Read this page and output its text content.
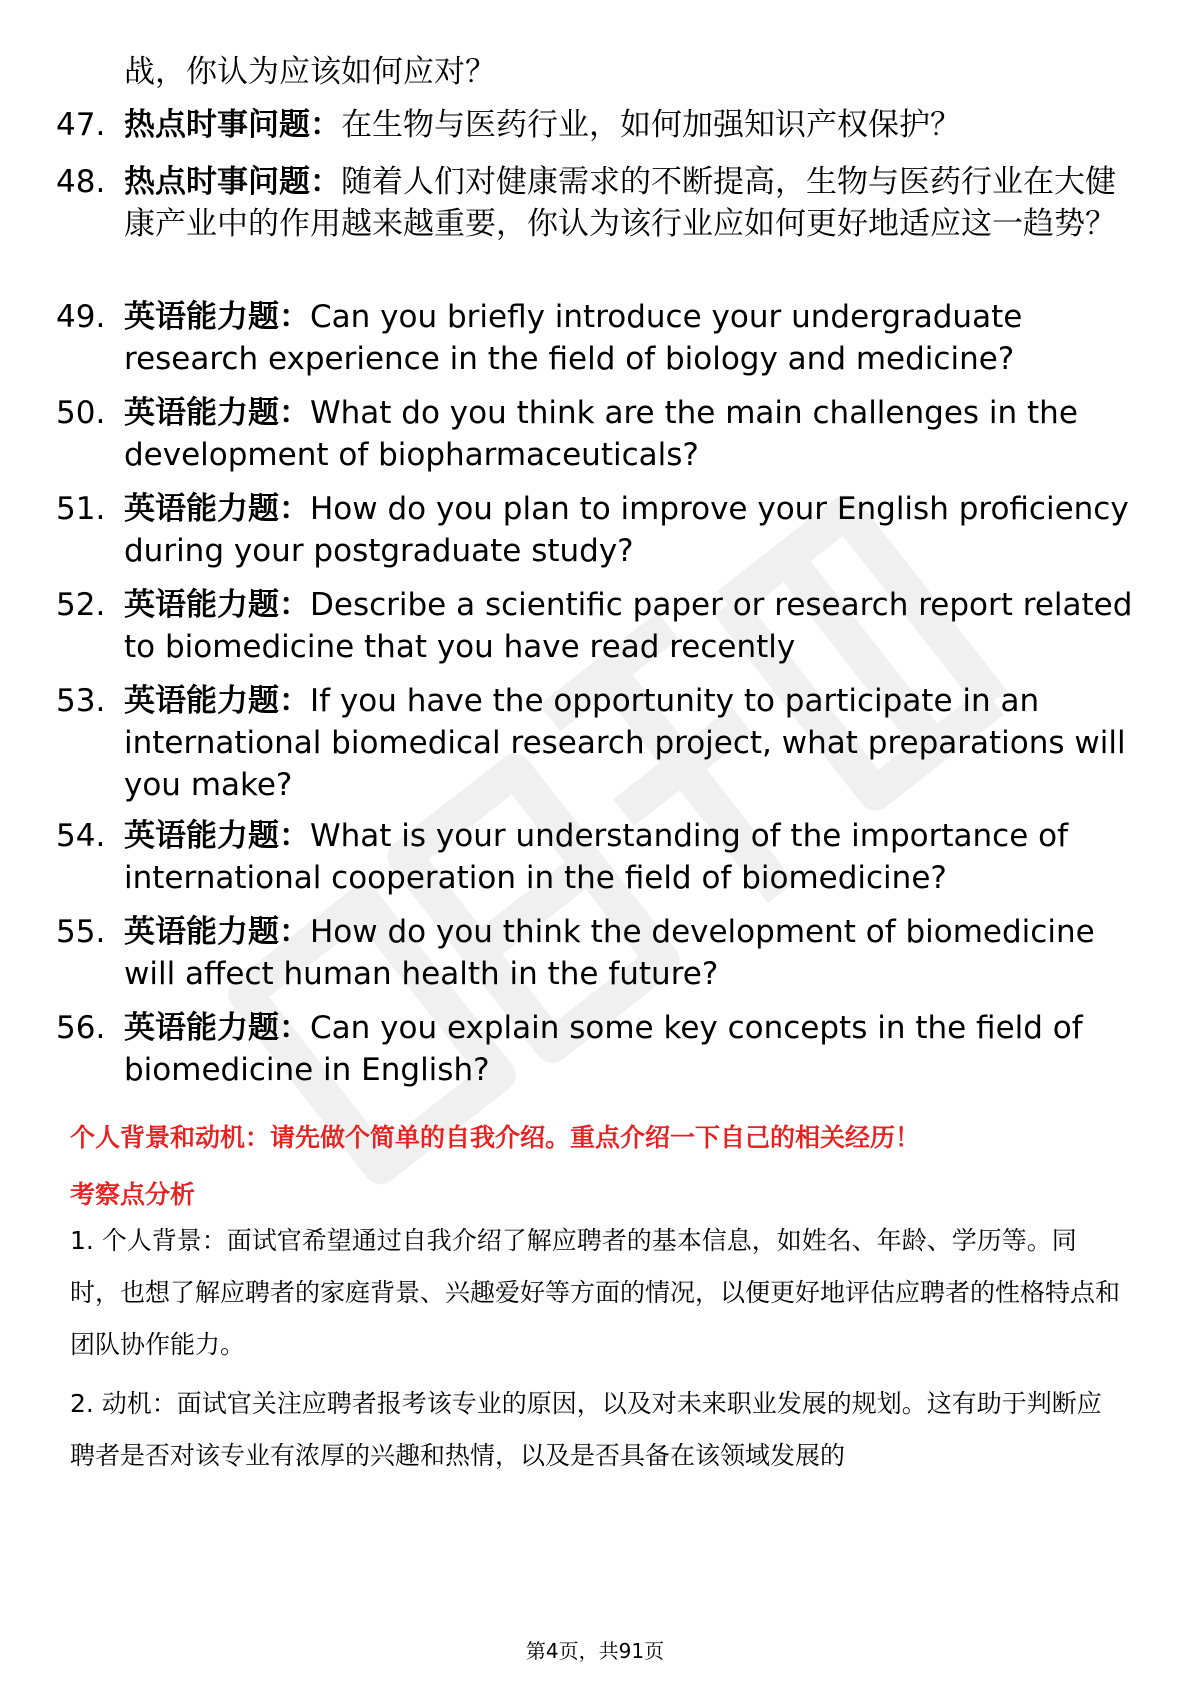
战，你认为应该如何应对？
47. 热点时事问题：在生物与医药行业，如何加强知识产权保护？
48. 热点时事问题：随着人们对健康需求的不断提高，生物与医药行业在大健康产业中的作用越来越重要，你认为该行业应如何更好地适应这一趋势？
49. 英语能力题：Can you briefly introduce your undergraduate research experience in the field of biology and medicine?
50. 英语能力题：What do you think are the main challenges in the development of biopharmaceuticals?
51. 英语能力题：How do you plan to improve your English proficiency during your postgraduate study?
52. 英语能力题：Describe a scientific paper or research report related to biomedicine that you have read recently
53. 英语能力题：If you have the opportunity to participate in an international biomedical research project, what preparations will you make?
54. 英语能力题：What is your understanding of the importance of international cooperation in the field of biomedicine?
55. 英语能力题：How do you think the development of biomedicine will affect human health in the future?
56. 英语能力题：Can you explain some key concepts in the field of biomedicine in English?
个人背景和动机：请先做个简单的自我介绍。重点介绍一下自己的相关经历！
考察点分析
1. 个人背景：面试官希望通过自我介绍了解应聘者的基本信息，如姓名、年龄、学历等。同时，也想了解应聘者的家庭背景、兴趣爱好等方面的情况，以便更好地评估应聘者的性格特点和团队协作能力。
2. 动机：面试官关注应聘者报考该专业的原因，以及对未来职业发展的规划。这有助于判断应聘者是否对该专业有浓厚的兴趣和热情，以及是否具备在该领域发展的
第4页，共91页
